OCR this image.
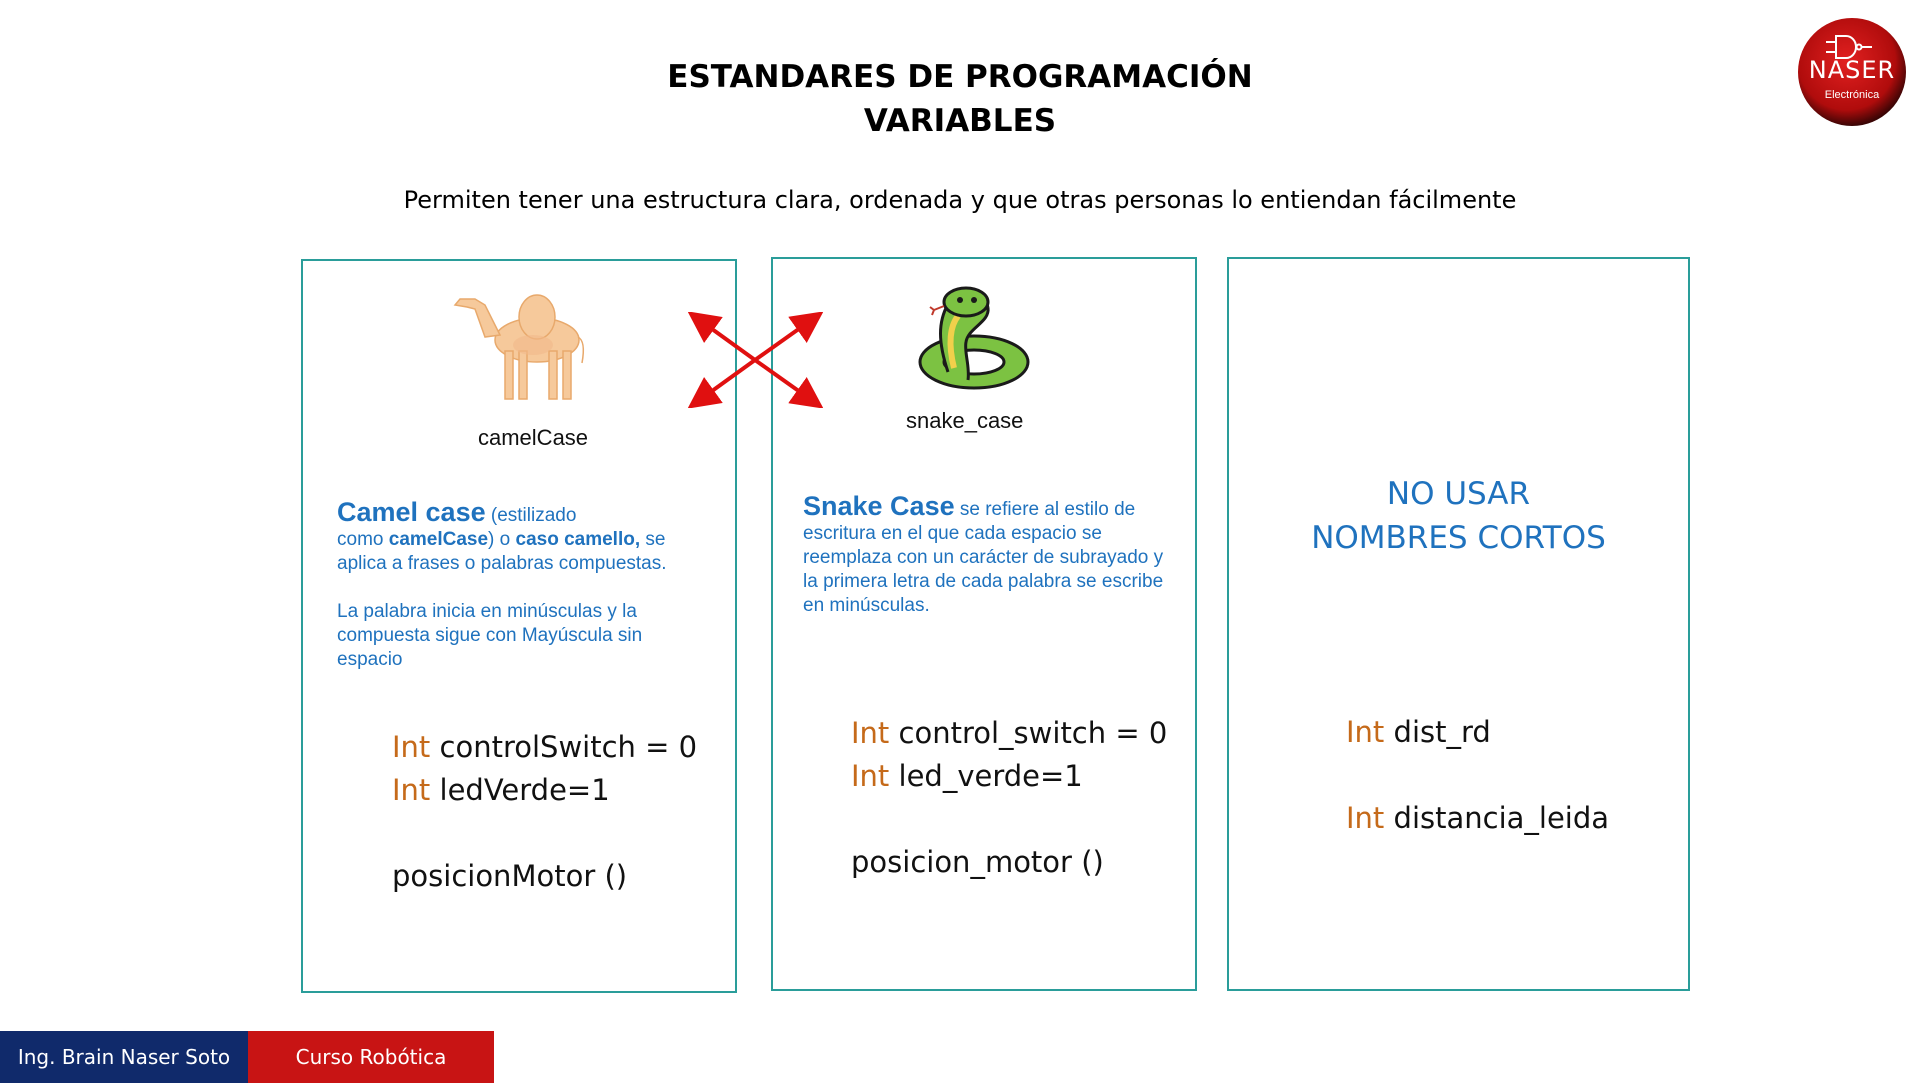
ESTANDARES DE PROGRAMACIÓN
VARIABLES
Permiten tener una estructura clara, ordenada y que otras personas lo entiendan fácilmente
NASER
Electrónica
camelCase
snake_case

Camel case (estilizado

como camelCase) o caso camello, se aplica a frases o palabras compuestas.

La palabra inicia en minúsculas y la compuesta sigue con Mayúscula sin espacio

Snake Case se refiere al estilo de escritura en el que cada espacio se reemplaza con un carácter de subrayado y la primera letra de cada palabra se escribe en minúsculas.

Int controlSwitch = 0
Int ledVerde=1

posicionMotor ()
Int control_switch = 0
Int led_verde=1

posicion_motor ()
NO USAR
NOMBRES CORTOS
Int dist_rd

Int distancia_leida
Ing. Brain Naser Soto	Curso Robótica
